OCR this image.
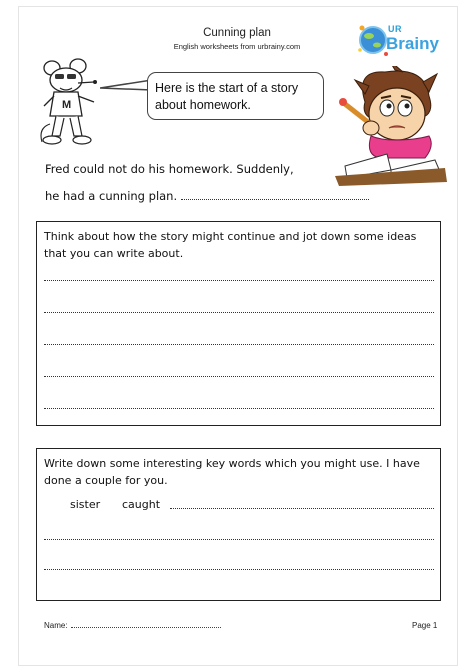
Cunning plan
English worksheets from urbrainy.com
UR
Brainy
M
Here is the start of a story about homework.
Fred could not do his homework. Suddenly,
he had a cunning plan.
Think about how the story might continue and jot down some ideas that you can write about.
Write down some interesting key words which you might use. I have done a couple for you.
sister caught
Name:	Page 1
